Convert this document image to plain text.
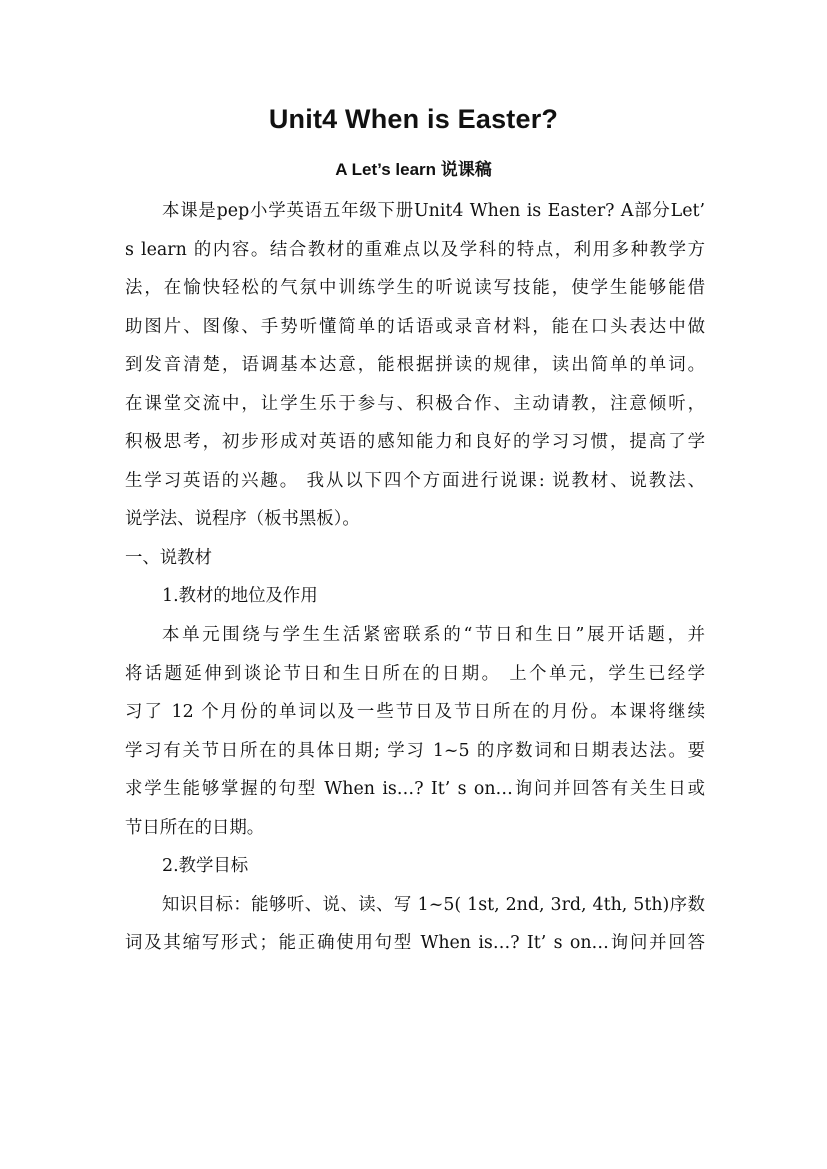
Unit4 When is Easter?
A Let’s learn 说课稿
本课是pep小学英语五年级下册Unit4 When is Easter? A部分Let’
s learn 的内容。结合教材的重难点以及学科的特点，利用多种教学方
法，在愉快轻松的气氛中训练学生的听说读写技能，使学生能够能借
助图片、图像、手势听懂简单的话语或录音材料，能在口头表达中做
到发音清楚，语调基本达意，能根据拼读的规律，读出简单的单词。
在课堂交流中，让学生乐于参与、积极合作、主动请教，注意倾听，
积极思考，初步形成对英语的感知能力和良好的学习习惯，提高了学
生学习英语的兴趣。 我从以下四个方面进行说课: 说教材、说教法、
说学法、说程序（板书黑板）。
一、说教材
1.教材的地位及作用
本单元围绕与学生生活紧密联系的“节日和生日”展开话题，并
将话题延伸到谈论节日和生日所在的日期。 上个单元，学生已经学
习了 12 个月份的单词以及一些节日及节日所在的月份。本课将继续
学习有关节日所在的具体日期; 学习 1~5 的序数词和日期表达法。要
求学生能够掌握的句型 When is…? It’ s on…询问并回答有关生日或
节日所在的日期。
2.教学目标
知识目标：能够听、说、读、写 1~5( 1st, 2nd, 3rd, 4th, 5th)序数
词及其缩写形式；能正确使用句型 When is…? It’ s on…询问并回答
